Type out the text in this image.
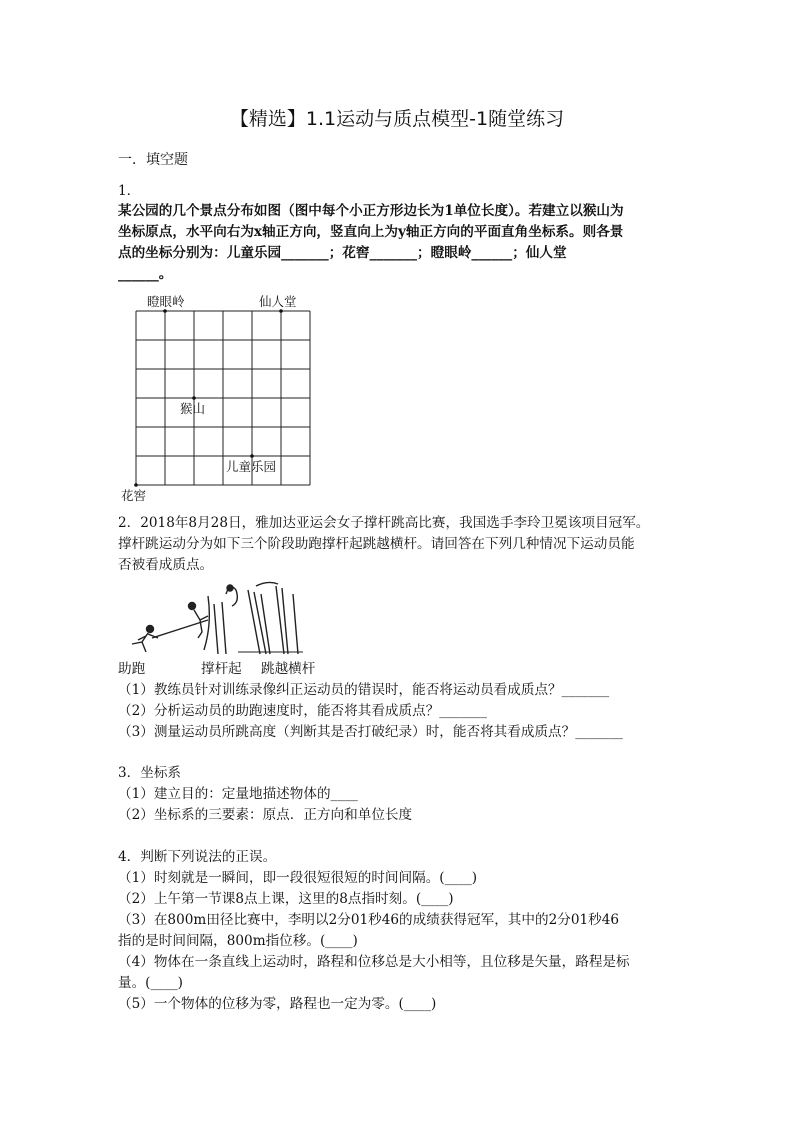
【精选】1.1运动与质点模型-1随堂练习
一．填空题
1．
某公园的几个景点分布如图（图中每个小正方形边长为1单位长度）。若建立以猴山为
坐标原点，水平向右为x轴正方向，竖直向上为y轴正方向的平面直角坐标系。则各景
点的坐标分别为：儿童乐园_______；花窖_______；瞪眼岭______；仙人堂
______。
瞪眼岭	仙人堂
猴山
儿童乐园
花窖
2．2018年8月28日，雅加达亚运会女子撑杆跳高比赛，我国选手李玲卫冕该项目冠军。
撑杆跳运动分为如下三个阶段助跑撑杆起跳越横杆。请回答在下列几种情况下运动员能
否被看成质点。
助跑	撑杆起 跳越横杆
（1）教练员针对训练录像纠正运动员的错误时，能否将运动员看成质点？_______
（2）分析运动员的助跑速度时，能否将其看成质点？_______
（3）测量运动员所跳高度（判断其是否打破纪录）时，能否将其看成质点？_______
3．坐标系
（1）建立目的：定量地描述物体的____
（2）坐标系的三要素：原点．正方向和单位长度
4．判断下列说法的正误。
（1）时刻就是一瞬间，即一段很短很短的时间间隔。(____)
（2）上午第一节课8点上课，这里的8点指时刻。(____)
（3）在800m田径比赛中，李明以2分01秒46的成绩获得冠军，其中的2分01秒46
指的是时间间隔，800m指位移。(____)
（4）物体在一条直线上运动时，路程和位移总是大小相等，且位移是矢量，路程是标
量。(____)
（5）一个物体的位移为零，路程也一定为零。(____)
